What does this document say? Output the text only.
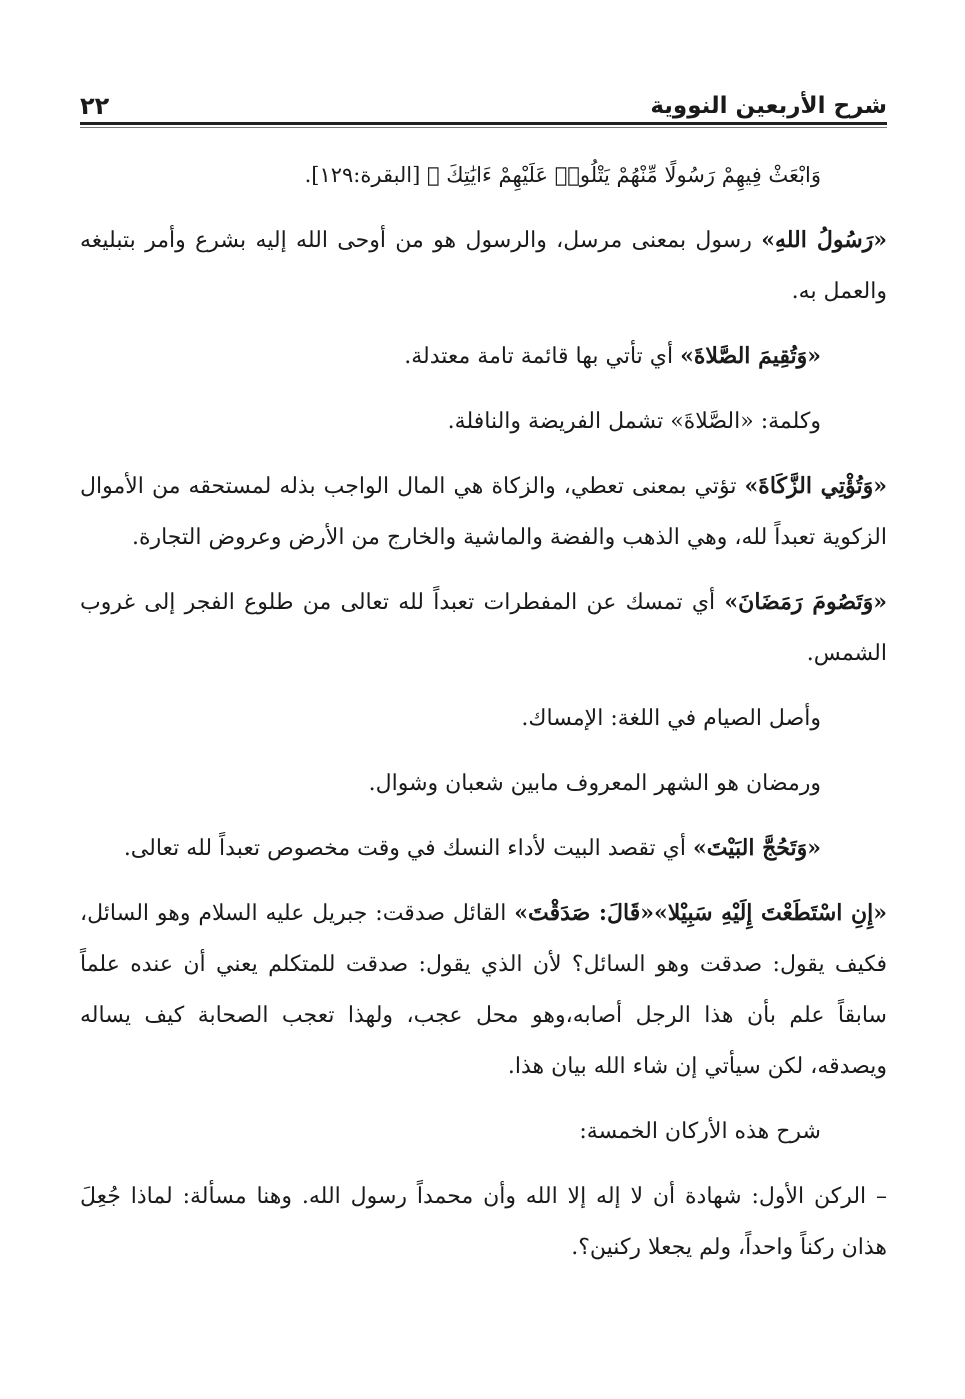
شرح الأربعين النووية
٢٢

وَابْعَثْ فِيهِمْ رَسُولًا مِّنْهُمْ يَتْلُوا۟ عَلَيْهِمْ ءَايَٰتِكَ ﴾ [البقرة:١٢٩].

«رَسُولُ اللهِ» رسول بمعنى مرسل، والرسول هو من أوحى الله إليه بشرع وأمر بتبليغه والعمل به.

«وَتُقِيمَ الصَّلاةَ» أي تأتي بها قائمة تامة معتدلة.

وكلمة: «الصَّلاةَ» تشمل الفريضة والنافلة.

«وَتُؤْتِي الزَّكَاةَ» تؤتي بمعنى تعطي، والزكاة هي المال الواجب بذله لمستحقه من الأموال الزكوية تعبداً لله، وهي الذهب والفضة والماشية والخارج من الأرض وعروض التجارة.

«وَتَصُومَ رَمَضَانَ» أي تمسك عن المفطرات تعبداً لله تعالى من طلوع الفجر إلى غروب الشمس.

وأصل الصيام في اللغة: الإمساك.

ورمضان هو الشهر المعروف مابين شعبان وشوال.

«وَتَحُجَّ البَيْتَ» أي تقصد البيت لأداء النسك في وقت مخصوص تعبداً لله تعالى.

«إِنِ اسْتَطَعْتَ إِلَيْهِ سَبِيْلا»«قَالَ: صَدَقْتَ» القائل صدقت: جبريل عليه السلام وهو السائل، فكيف يقول: صدقت وهو السائل؟ لأن الذي يقول: صدقت للمتكلم يعني أن عنده علماً سابقاً علم بأن هذا الرجل أصابه،وهو محل عجب، ولهذا تعجب الصحابة كيف يساله ويصدقه، لكن سيأتي إن شاء الله بيان هذا.

شرح هذه الأركان الخمسة:

– الركن الأول: شهادة أن لا إله إلا الله وأن محمداً رسول الله. وهنا مسألة: لماذا جُعِلَ هذان ركناً واحداً، ولم يجعلا ركنين؟.
